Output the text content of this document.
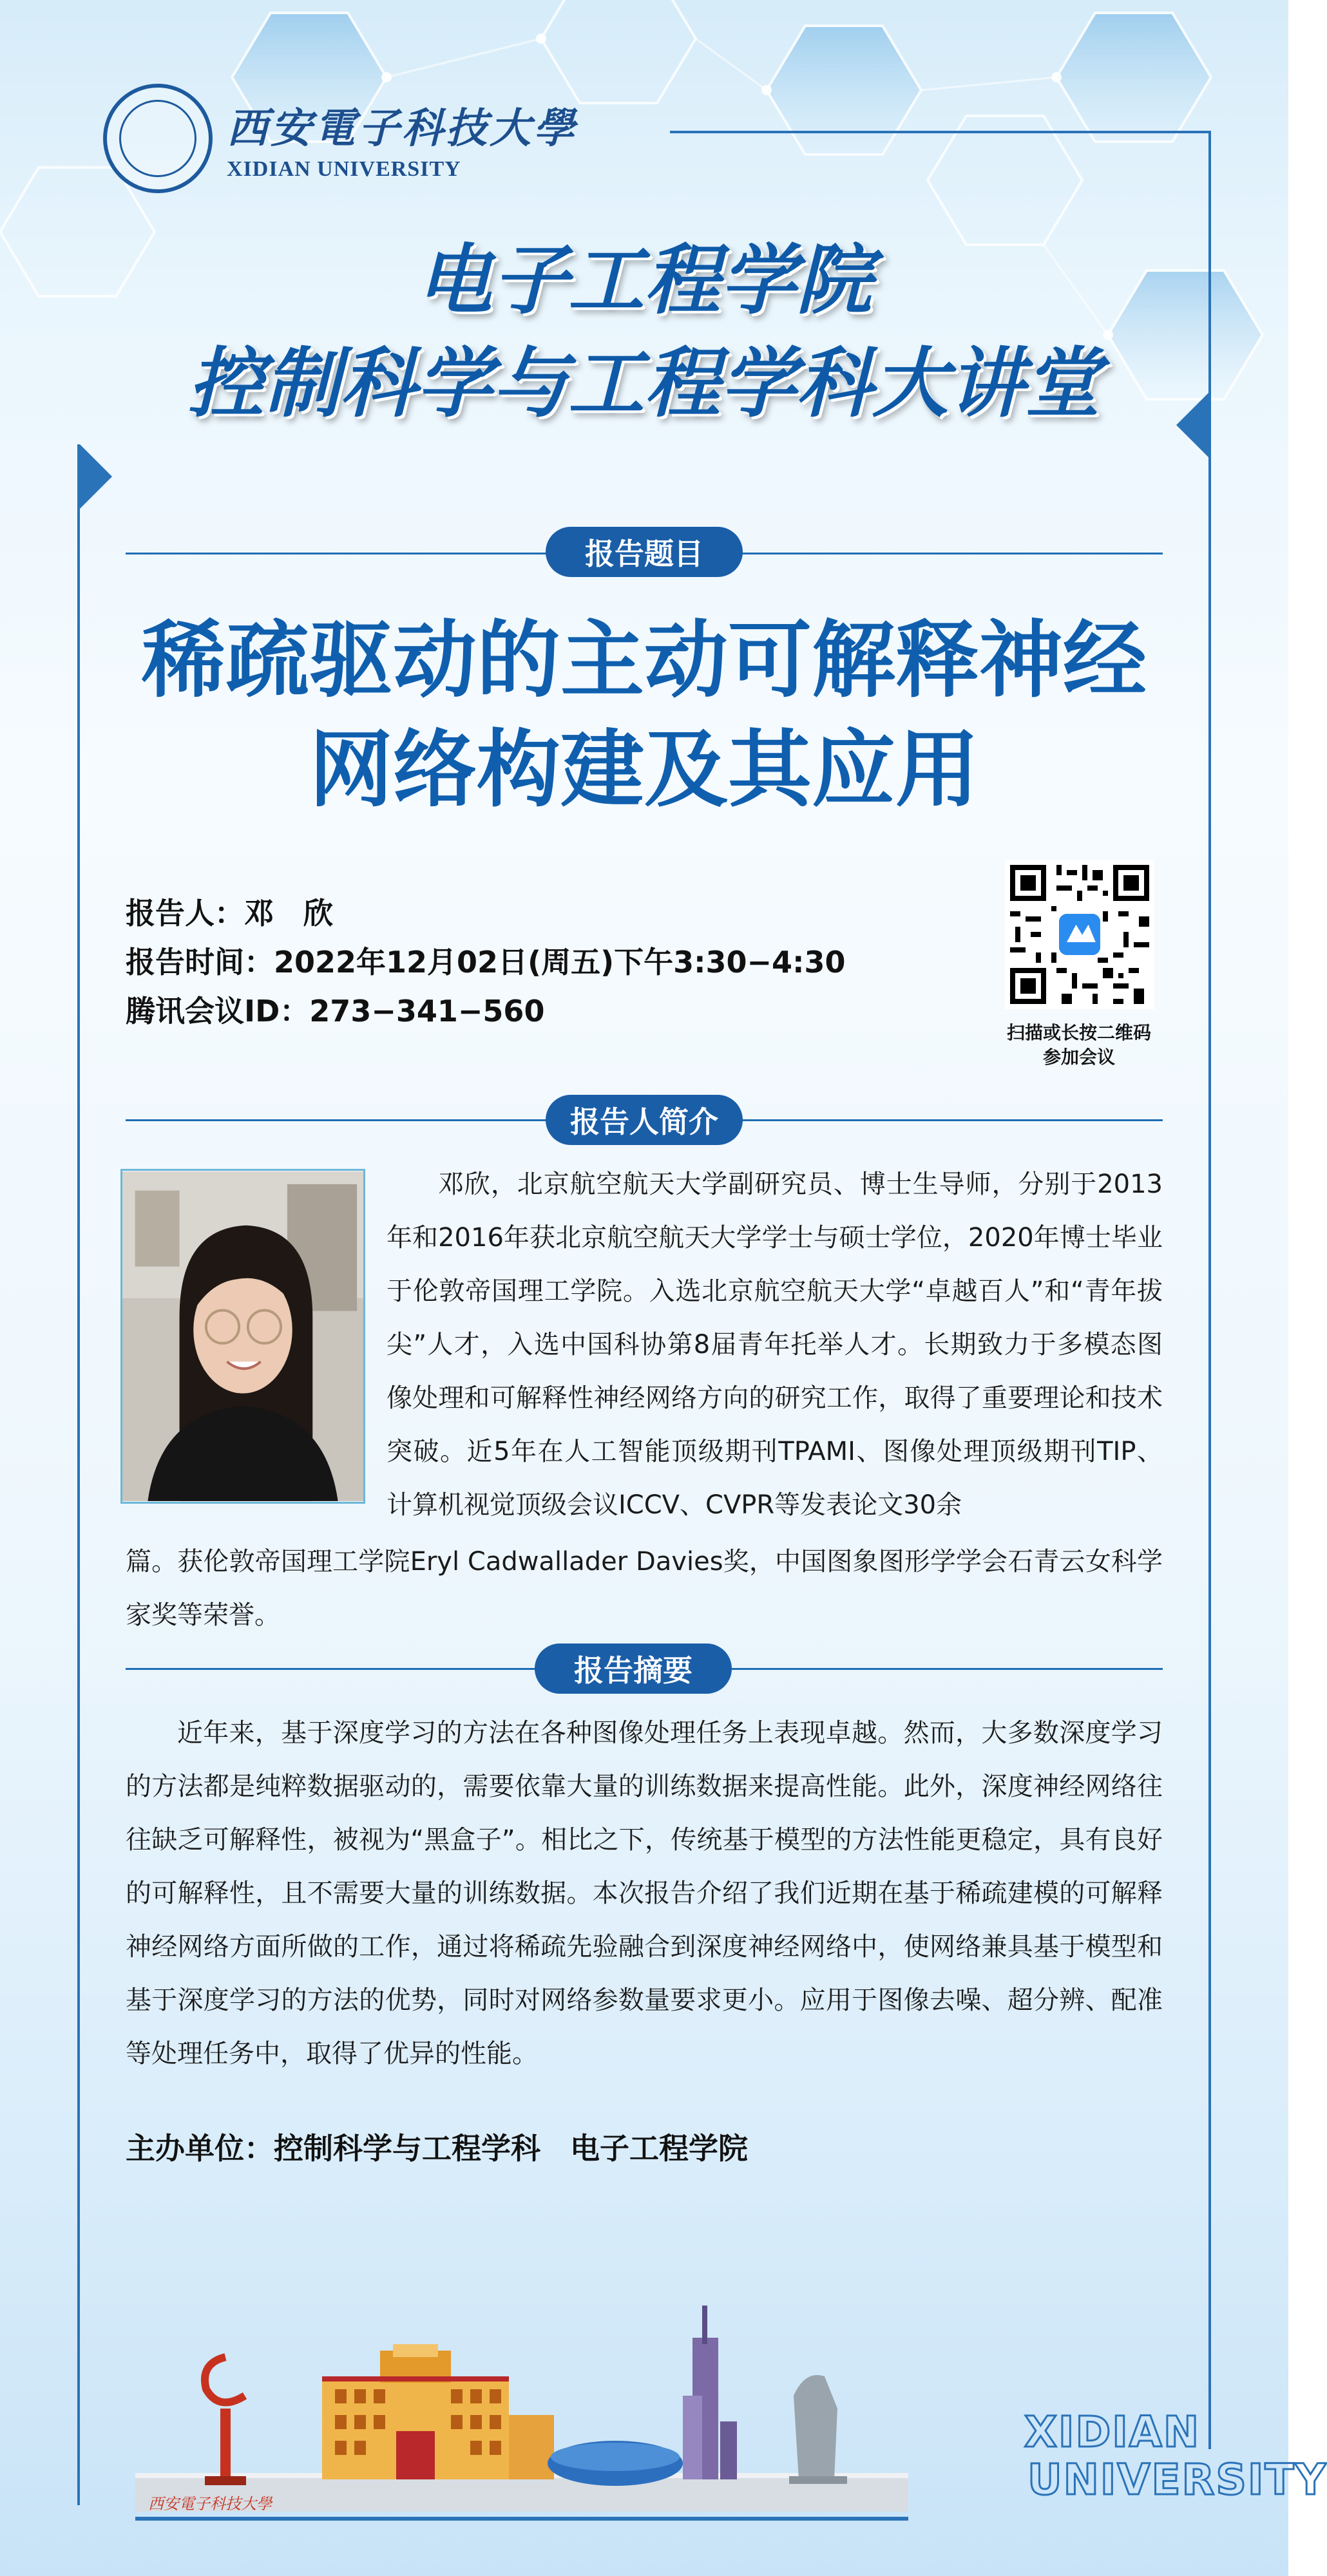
西安電子科技大學
XIDIAN UNIVERSITY
电子工程学院
控制科学与工程学科大讲堂
报告题目
稀疏驱动的主动可解释神经
网络构建及其应用
报告人：邓　欣
报告时间：2022年12月02日(周五)下午3:30−4:30
腾讯会议ID：273−341−560
扫描或长按二维码
参加会议
报告人简介
邓欣，北京航空航天大学副研究员、博士生导师，分别于2013年和2016年获北京航空航天大学学士与硕士学位，2020年博士毕业于伦敦帝国理工学院。入选北京航空航天大学“卓越百人”和“青年拔尖”人才，入选中国科协第8届青年托举人才。长期致力于多模态图像处理和可解释性神经网络方向的研究工作，取得了重要理论和技术突破。近5年在人工智能顶级期刊TPAMI、图像处理顶级期刊TIP、计算机视觉顶级会议ICCV、CVPR等发表论文30余
篇。获伦敦帝国理工学院Eryl Cadwallader Davies奖，中国图象图形学学会石青云女科学家奖等荣誉。
报告摘要
近年来，基于深度学习的方法在各种图像处理任务上表现卓越。然而，大多数深度学习的方法都是纯粹数据驱动的，需要依靠大量的训练数据来提高性能。此外，深度神经网络往往缺乏可解释性，被视为“黑盒子”。相比之下，传统基于模型的方法性能更稳定，具有良好的可解释性，且不需要大量的训练数据。本次报告介绍了我们近期在基于稀疏建模的可解释神经网络方面所做的工作，通过将稀疏先验融合到深度神经网络中，使网络兼具基于模型和基于深度学习的方法的优势，同时对网络参数量要求更小。应用于图像去噪、超分辨、配准等处理任务中，取得了优异的性能。
主办单位：控制科学与工程学科　电子工程学院
西安電子科技大學
XIDIAN
UNIVERSITY
